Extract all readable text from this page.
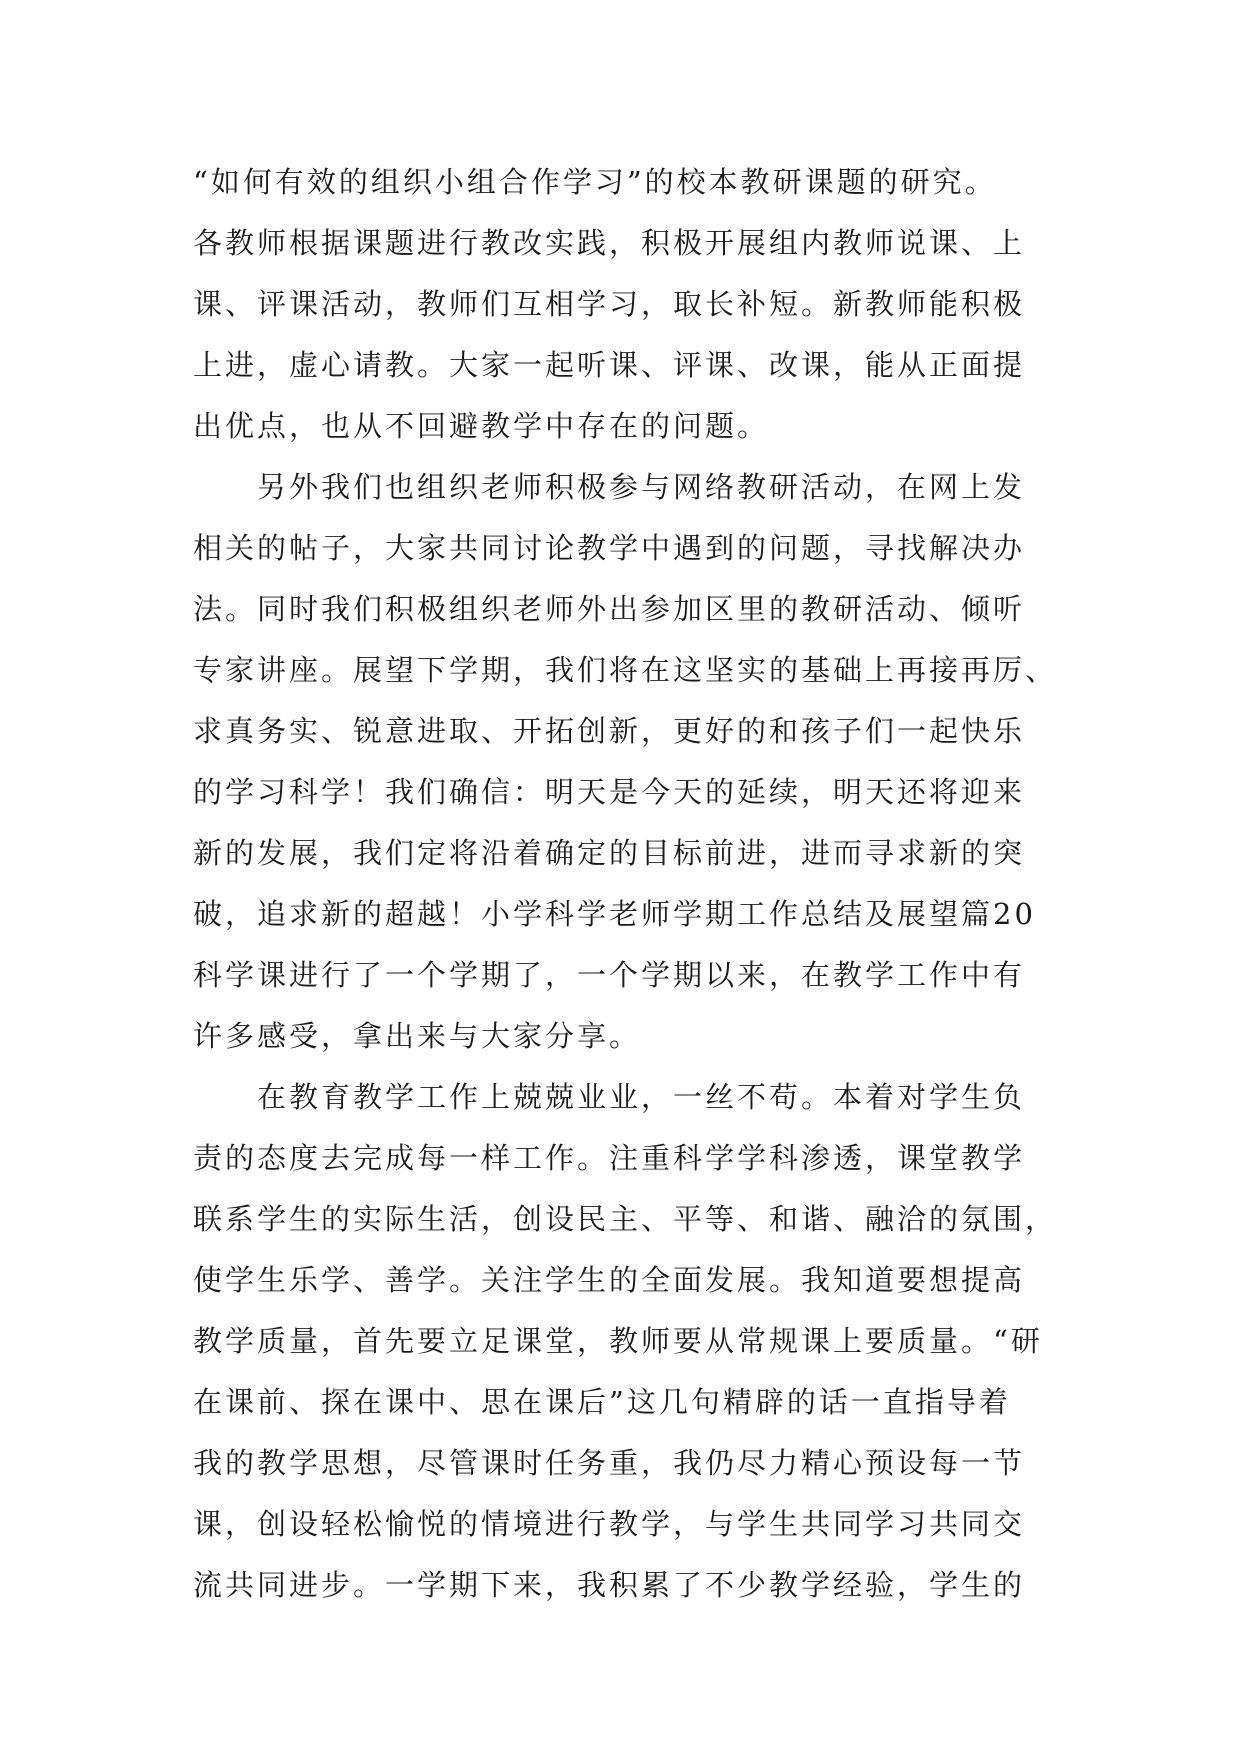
“如何有效的组织小组合作学习”的校本教研课题的研究。
各教师根据课题进行教改实践，积极开展组内教师说课、上
课、评课活动，教师们互相学习，取长补短。新教师能积极
上进，虚心请教。大家一起听课、评课、改课，能从正面提
出优点，也从不回避教学中存在的问题。
另外我们也组织老师积极参与网络教研活动，在网上发
相关的帖子，大家共同讨论教学中遇到的问题，寻找解决办
法。同时我们积极组织老师外出参加区里的教研活动、倾听
专家讲座。展望下学期，我们将在这坚实的基础上再接再厉、
求真务实、锐意进取、开拓创新，更好的和孩子们一起快乐
的学习科学！我们确信：明天是今天的延续，明天还将迎来
新的发展，我们定将沿着确定的目标前进，进而寻求新的突
破，追求新的超越！小学科学老师学期工作总结及展望篇20
科学课进行了一个学期了，一个学期以来，在教学工作中有
许多感受，拿出来与大家分享。
在教育教学工作上兢兢业业，一丝不苟。本着对学生负
责的态度去完成每一样工作。注重科学学科渗透，课堂教学
联系学生的实际生活，创设民主、平等、和谐、融洽的氛围，
使学生乐学、善学。关注学生的全面发展。我知道要想提高
教学质量，首先要立足课堂，教师要从常规课上要质量。“研
在课前、探在课中、思在课后”这几句精辟的话一直指导着
我的教学思想，尽管课时任务重，我仍尽力精心预设每一节
课，创设轻松愉悦的情境进行教学，与学生共同学习共同交
流共同进步。一学期下来，我积累了不少教学经验，学生的
